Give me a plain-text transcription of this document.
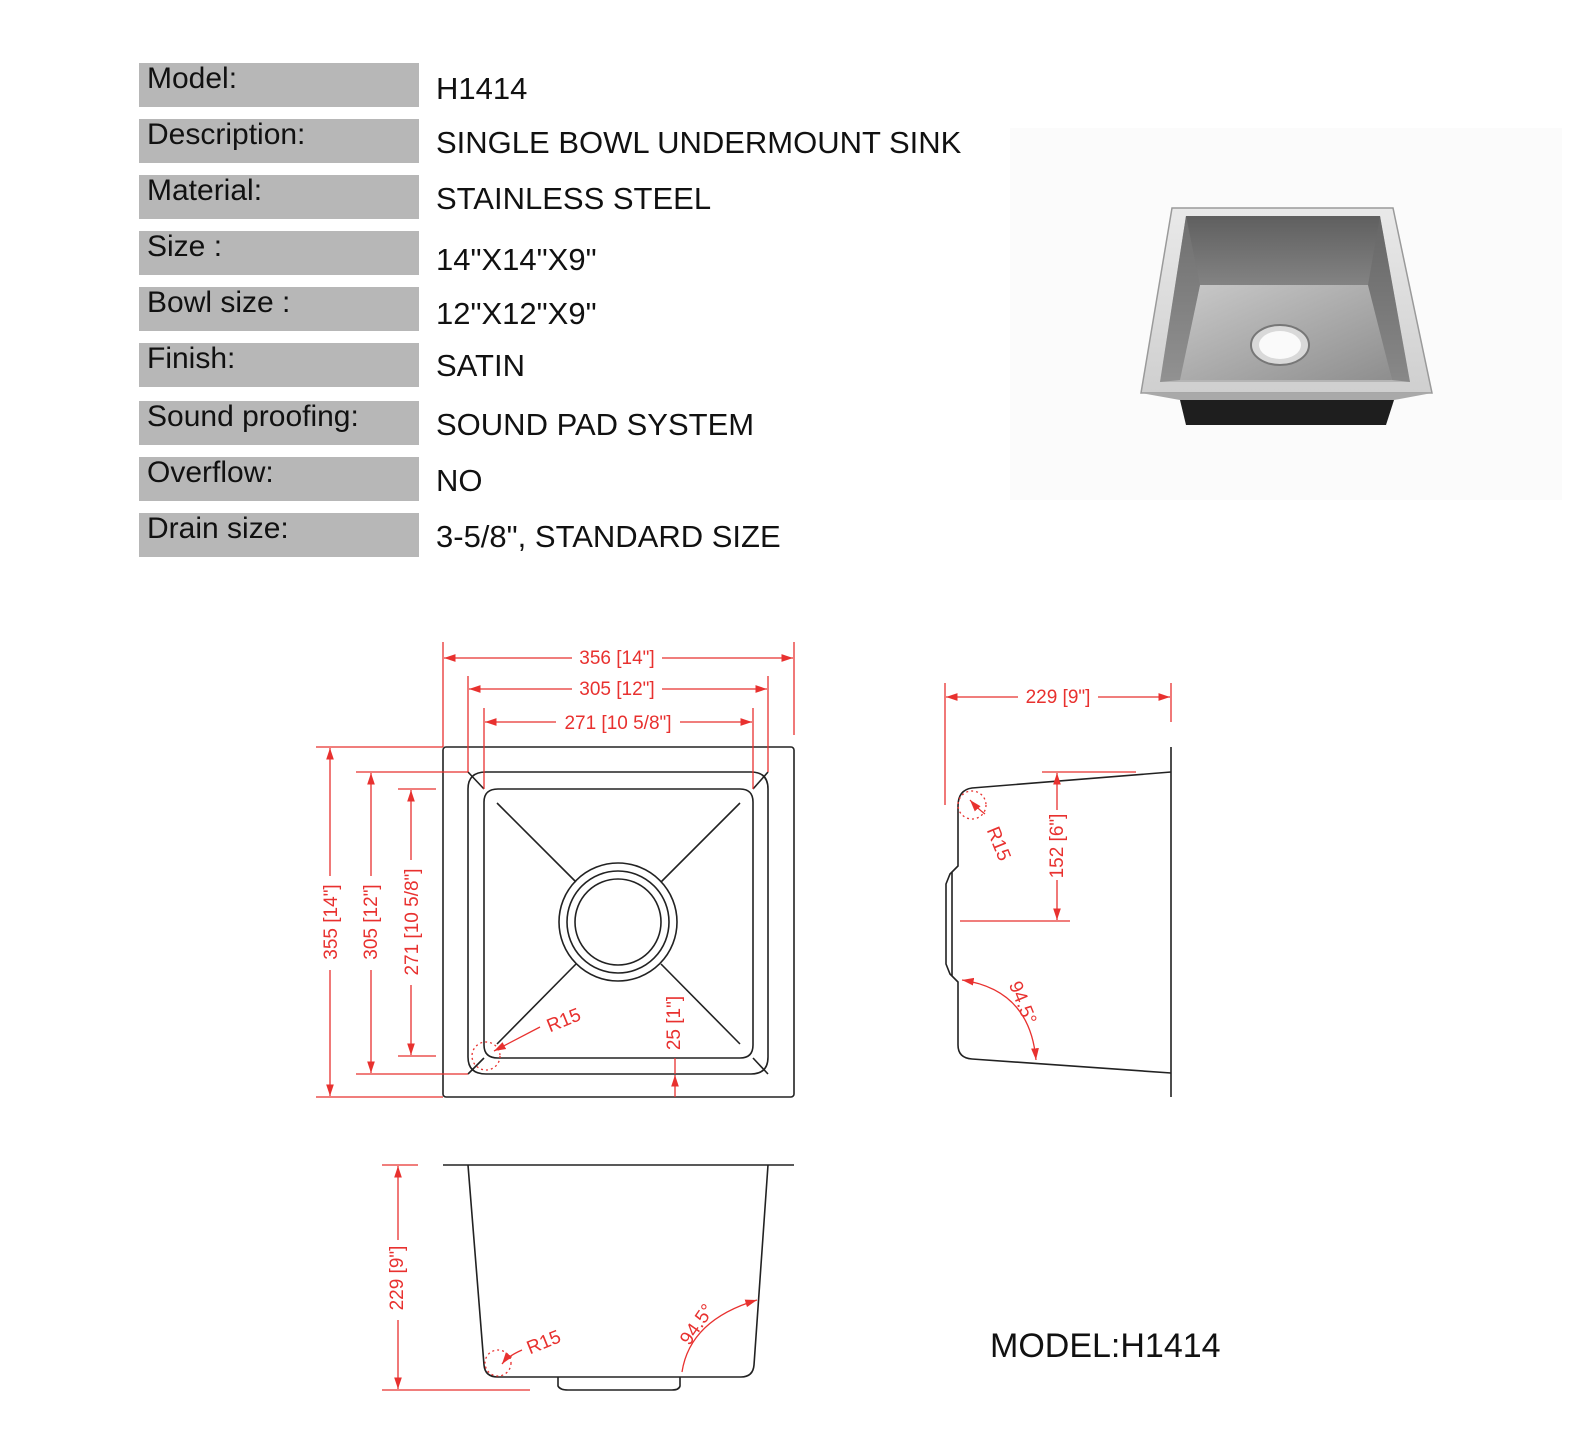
Model:	H1414
Description:	SINGLE BOWL UNDERMOUNT SINK
Material:	STAINLESS STEEL
Size :	14"X14"X9"
Bowl size :	12"X12"X9"
Finish:	SATIN
Sound proofing:	SOUND PAD SYSTEM
Overflow:	NO
Drain size:	3-5/8", STANDARD SIZE
356 [14"]
305 [12"]
271 [10 5/8"]
355 [14"] 305 [12"] 271 [10 5/8"]
R15	25 [1"]
229 [9"]
152 [6"]
R15
94.5°
229 [9"]
R15	94.5°	MODEL:H1414
